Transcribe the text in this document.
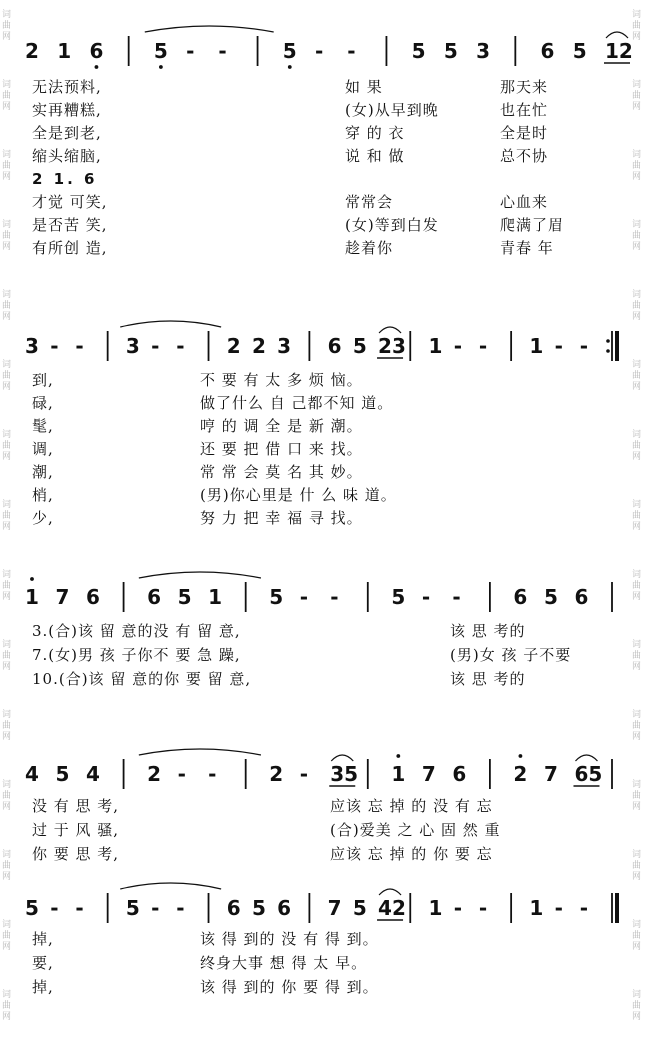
2 1 6	5 - -	5 - -	5 5 3	6 5 12
无法预料,	如 果	那天来
实再糟糕,	(女)从早到晚	也在忙
全是到老,	穿 的 衣	全是时
缩头缩脑,	说 和 做	总不协
2 1. 6
才觉 可笑,	常常会	心血来
是否苦 笑,	(女)等到白发	爬满了眉
有所创 造,	趁着你	青春 年
3 - - 3 - - 2 2 3 6 5 23 1 - - 1 - -
到,	不 要 有 太 多 烦 恼。
碌,	做了什么 自 己都不知 道。
髦,	哼 的 调 全 是 新 潮。
调,	还 要 把 借 口 来 找。
潮,	常 常 会 莫 名 其 妙。
梢,	(男)你心里是 什 么 味 道。
少,	努 力 把 幸 福 寻 找。
1 7 6 6 5 1 5 - -	5 - -	6 5 6
3.(合)该 留 意的没 有 留 意,	该 思 考的
7.(女)男 孩 子你不 要 急 躁,	(男)女 孩 子不要
10.(合)该 留 意的你 要 留 意,	该 思 考的
4 5 4 2 - -	2 - 35 1 7 6 2 7 65
没 有 思 考,	应该 忘 掉 的 没 有 忘
过 于 风 骚,	(合)爱美 之 心 固 然 重
你 要 思 考,	应该 忘 掉 的 你 要 忘
5 - - 5 - - 6 5 6 7 5 42 1 - - 1 - -
掉,	该 得 到的 没 有 得 到。
要,	终身大事 想 得 太 早。
掉,	该 得 到的 你 要 得 到。
词
曲
网
词
曲
网
词
曲
网
词
曲
网
词
曲
网
词
曲
网
词
曲
网
词
曲
网
词
曲
网
词
曲
网
词
曲
网
词
曲
网
词
曲
网
词
曲
网
词
曲
网
词
曲
网
词
曲
网
词
曲
网
词
曲
网
词
曲
网
词
曲
网
词
曲
网
词
曲
网
词
曲
网
词
曲
网
词
曲
网
词
曲
网
词
曲
网
词
曲
网
词
曲
网
